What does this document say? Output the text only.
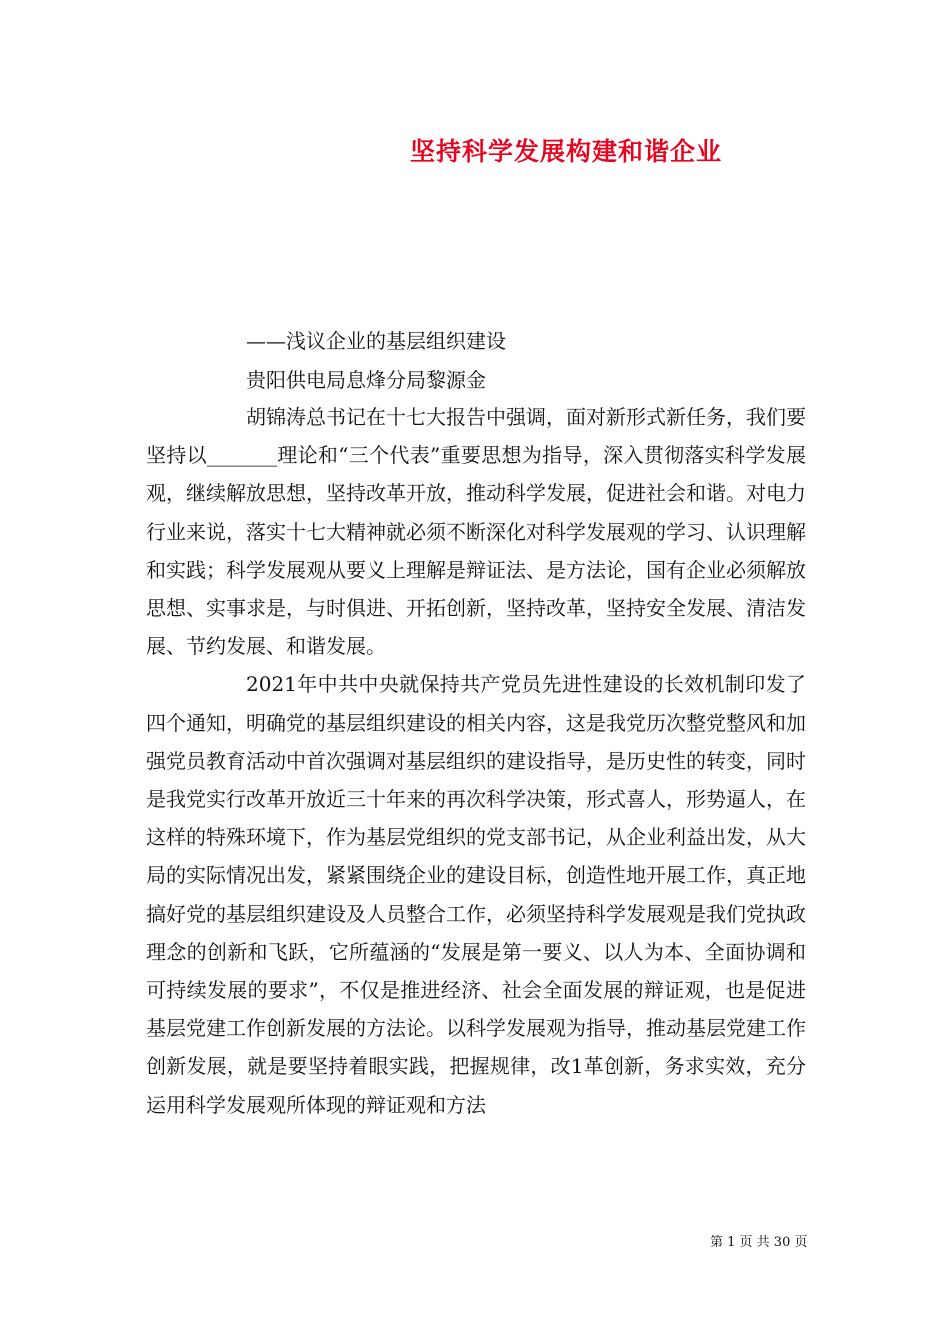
坚持科学发展构建和谐企业

——浅议企业的基层组织建设

贵阳供电局息烽分局黎源金

胡锦涛总书记在十七大报告中强调，面对新形式新任务，我们要坚持以_______理论和“三个代表”重要思想为指导，深入贯彻落实科学发展观，继续解放思想，坚持改革开放，推动科学发展，促进社会和谐。对电力行业来说，落实十七大精神就必须不断深化对科学发展观的学习、认识理解和实践；科学发展观从要义上理解是辩证法、是方法论，国有企业必须解放思想、实事求是，与时俱进、开拓创新，坚持改革，坚持安全发展、清洁发展、节约发展、和谐发展。

2021年中共中央就保持共产党员先进性建设的长效机制印发了四个通知，明确党的基层组织建设的相关内容，这是我党历次整党整风和加强党员教育活动中首次强调对基层组织的建设指导，是历史性的转变，同时是我党实行改革开放近三十年来的再次科学决策，形式喜人，形势逼人，在这样的特殊环境下，作为基层党组织的党支部书记，从企业利益出发，从大局的实际情况出发，紧紧围绕企业的建设目标，创造性地开展工作，真正地搞好党的基层组织建设及人员整合工作，必须坚持科学发展观是我们党执政理念的创新和飞跃，它所蕴涵的“发展是第一要义、以人为本、全面协调和可持续发展的要求”，不仅是推进经济、社会全面发展的辩证观，也是促进基层党建工作创新发展的方法论。以科学发展观为指导，推动基层党建工作创新发展，就是要坚持着眼实践，把握规律，改1革创新，务求实效，充分运用科学发展观所体现的辩证观和方法

第 1 页 共 30 页
